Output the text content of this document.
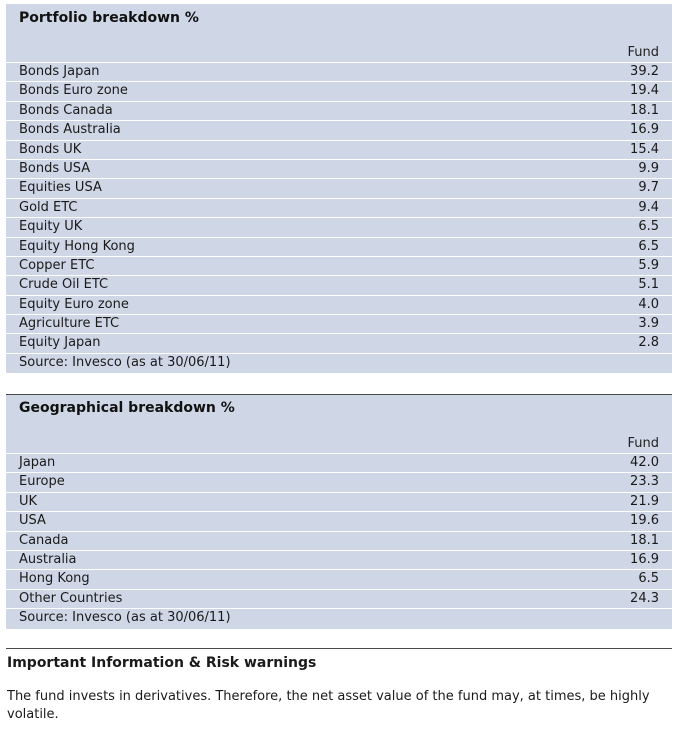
Portfolio breakdown %
Fund
Bonds Japan	39.2
Bonds Euro zone	19.4
Bonds Canada	18.1
Bonds Australia	16.9
Bonds UK	15.4
Bonds USA	9.9
Equities USA	9.7
Gold ETC	9.4
Equity UK	6.5
Equity Hong Kong	6.5
Copper ETC	5.9
Crude Oil ETC	5.1
Equity Euro zone	4.0
Agriculture ETC	3.9
Equity Japan	2.8
Source: Invesco (as at 30/06/11)
Geographical breakdown %
Fund
Japan	42.0
Europe	23.3
UK	21.9
USA	19.6
Canada	18.1
Australia	16.9
Hong Kong	6.5
Other Countries	24.3
Source: Invesco (as at 30/06/11)
Important Information & Risk warnings
The fund invests in derivatives. Therefore, the net asset value of the fund may, at times, be highly volatile.
